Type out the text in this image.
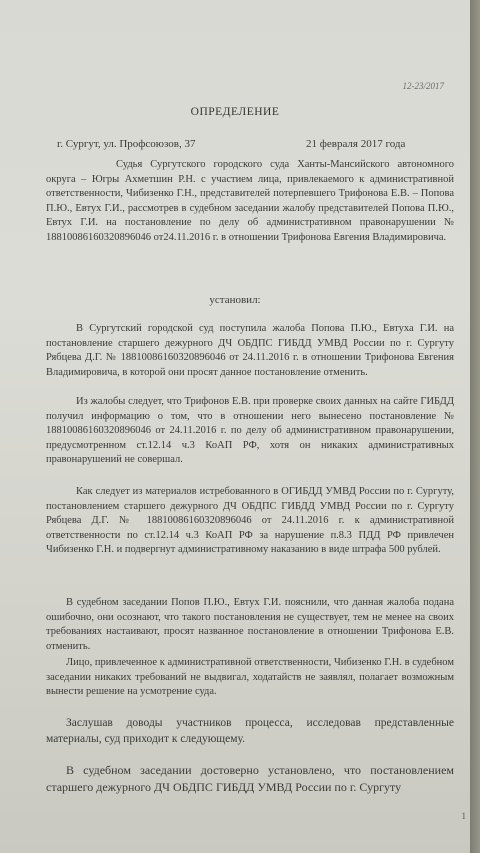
12-23/2017
ОПРЕДЕЛЕНИЕ
г. Сургут, ул. Профсоюзов, 37	21 февраля 2017 года

Судья Сургутского городского суда Ханты-Мансийского автономного округа – Югры Ахметшин Р.Н. с участием лица, привлекаемого к административной ответственности, Чибизенко Г.Н., представителей потерпевшего Трифонова Е.В. – Попова П.Ю., Евтух Г.И., рассмотрев в судебном заседании жалобу представителей Попова П.Ю., Евтух Г.И. на постановление по делу об административном правонарушении № 18810086160320896046 от24.11.2016 г. в отношении Трифонова Евгения Владимировича.

установил:

В Сургутский городской суд поступила жалоба Попова П.Ю., Евтуха Г.И. на постановление старшего дежурного ДЧ ОБДПС ГИБДД УМВД России по г. Сургуту Рябцева Д.Г. № 18810086160320896046 от 24.11.2016 г. в отношении Трифонова Евгения Владимировича, в которой они просят данное постановление отменить.

Из жалобы следует, что Трифонов Е.В. при проверке своих данных на сайте ГИБДД получил информацию о том, что в отношении него вынесено постановление № 18810086160320896046 от 24.11.2016 г. по делу об административном правонарушении, предусмотренном ст.12.14 ч.3 КоАП РФ, хотя он никаких административных правонарушений не совершал.

Как следует из материалов истребованного в ОГИБДД УМВД России по г. Сургуту, постановлением старшего дежурного ДЧ ОБДПС ГИБДД УМВД России по г. Сургуту Рябцева Д.Г. № 18810086160320896046 от 24.11.2016 г. к административной ответственности по ст.12.14 ч.3 КоАП РФ за нарушение п.8.3 ПДД РФ привлечен Чибизенко Г.Н. и подвергнут административному наказанию в виде штрафа 500 рублей.

В судебном заседании Попов П.Ю., Евтух Г.И. пояснили, что данная жалоба подана ошибочно, они осознают, что такого постановления не существует, тем не менее на своих требованиях настаивают, просят названное постановление в отношении Трифонова Е.В. отменить.

Лицо, привлеченное к административной ответственности, Чибизенко Г.Н. в судебном заседании никаких требований не выдвигал, ходатайств не заявлял, полагает возможным вынести решение на усмотрение суда.

Заслушав доводы участников процесса, исследовав представленные материалы, суд приходит к следующему.

В судебном заседании достоверно установлено, что постановлением старшего дежурного ДЧ ОБДПС ГИБДД УМВД России по г. Сургуту

1
